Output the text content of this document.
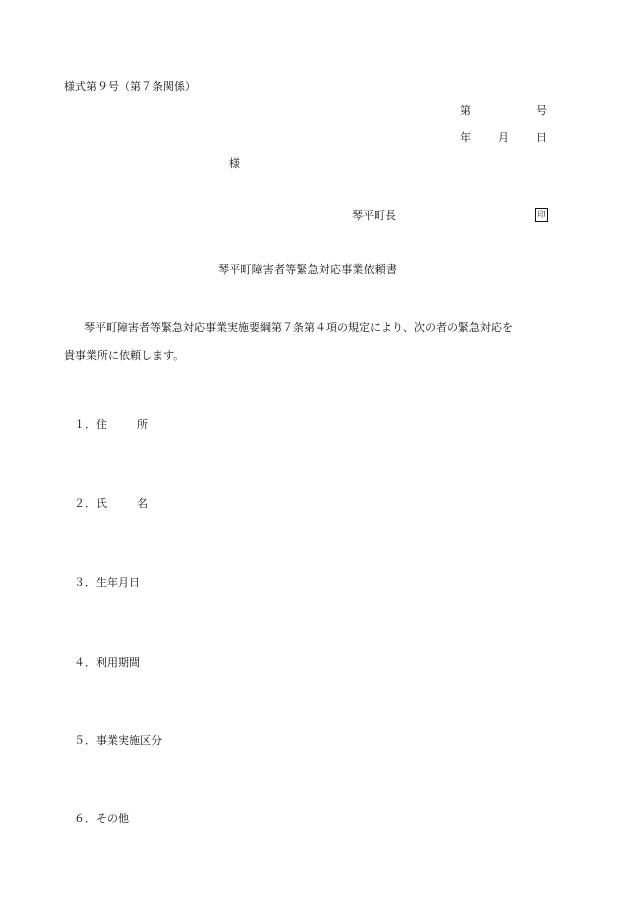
様式第９号（第７条関係）
第	号
年 月 日
様
琴平町長	印
琴平町障害者等緊急対応事業依頼書
琴平町障害者等緊急対応事業実施要綱第７条第４項の規定により、次の者の緊急対応を
貴事業所に依頼します。
１．住	所
２．氏	名
３．生年月日
４．利用期間
５．事業実施区分
６．その他
